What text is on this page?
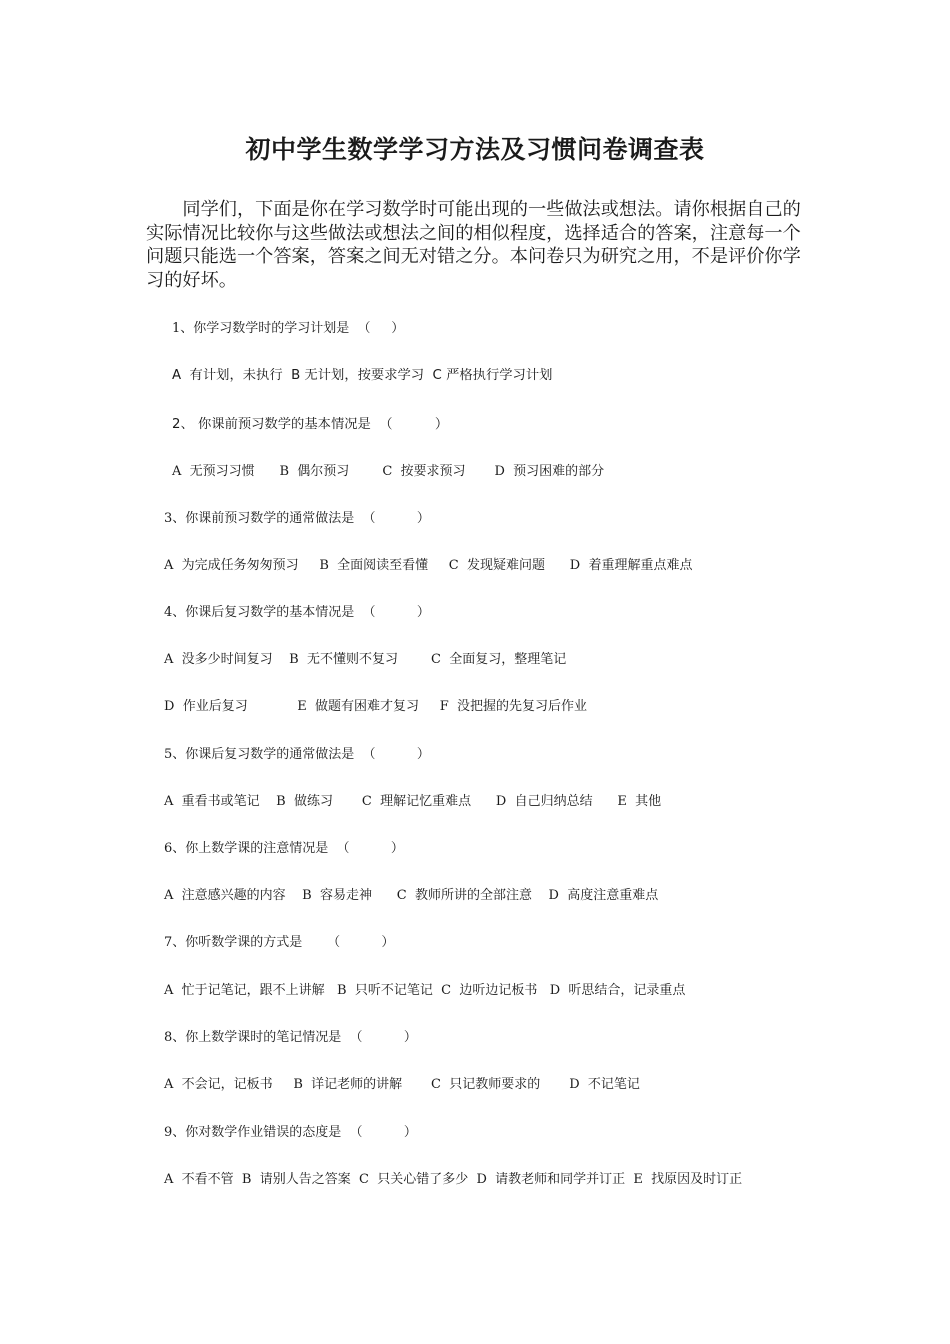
初中学生数学学习方法及习惯问卷调查表

同学们，下面是你在学习数学时可能出现的一些做法或想法。请你根据自己的实际情况比较你与这些做法或想法之间的相似程度，选择适合的答案，注意每一个问题只能选一个答案，答案之间无对错之分。本问卷只为研究之用，不是评价你学习的好坏。

1、你学习数学时的学习计划是  （     ）

A  有计划，未执行  B 无计划，按要求学习  C 严格执行学习计划

2、 你课前预习数学的基本情况是  （          ）

A  无预习习惯      B  偶尔预习        C  按要求预习       D  预习困难的部分

3、你课前预习数学的通常做法是  （          ）

A  为完成任务匆匆预习     B  全面阅读至看懂     C  发现疑难问题      D  着重理解重点难点

4、你课后复习数学的基本情况是  （          ）

A  没多少时间复习    B  无不懂则不复习        C  全面复习，整理笔记

D  作业后复习            E  做题有困难才复习     F  没把握的先复习后作业

5、你课后复习数学的通常做法是  （          ）

A  重看书或笔记    B  做练习       C  理解记忆重难点      D  自己归纳总结      E  其他

6、你上数学课的注意情况是  （          ）

A  注意感兴趣的内容    B  容易走神      C  教师所讲的全部注意    D  高度注意重难点

7、你听数学课的方式是      （          ）

A  忙于记笔记，跟不上讲解   B  只听不记笔记  C  边听边记板书   D  听思结合，记录重点

8、你上数学课时的笔记情况是  （          ）

A  不会记，记板书     B  详记老师的讲解       C  只记教师要求的       D  不记笔记

9、你对数学作业错误的态度是  （          ）

A  不看不管  B  请别人告之答案  C  只关心错了多少  D  请教老师和同学并订正  E  找原因及时订正
